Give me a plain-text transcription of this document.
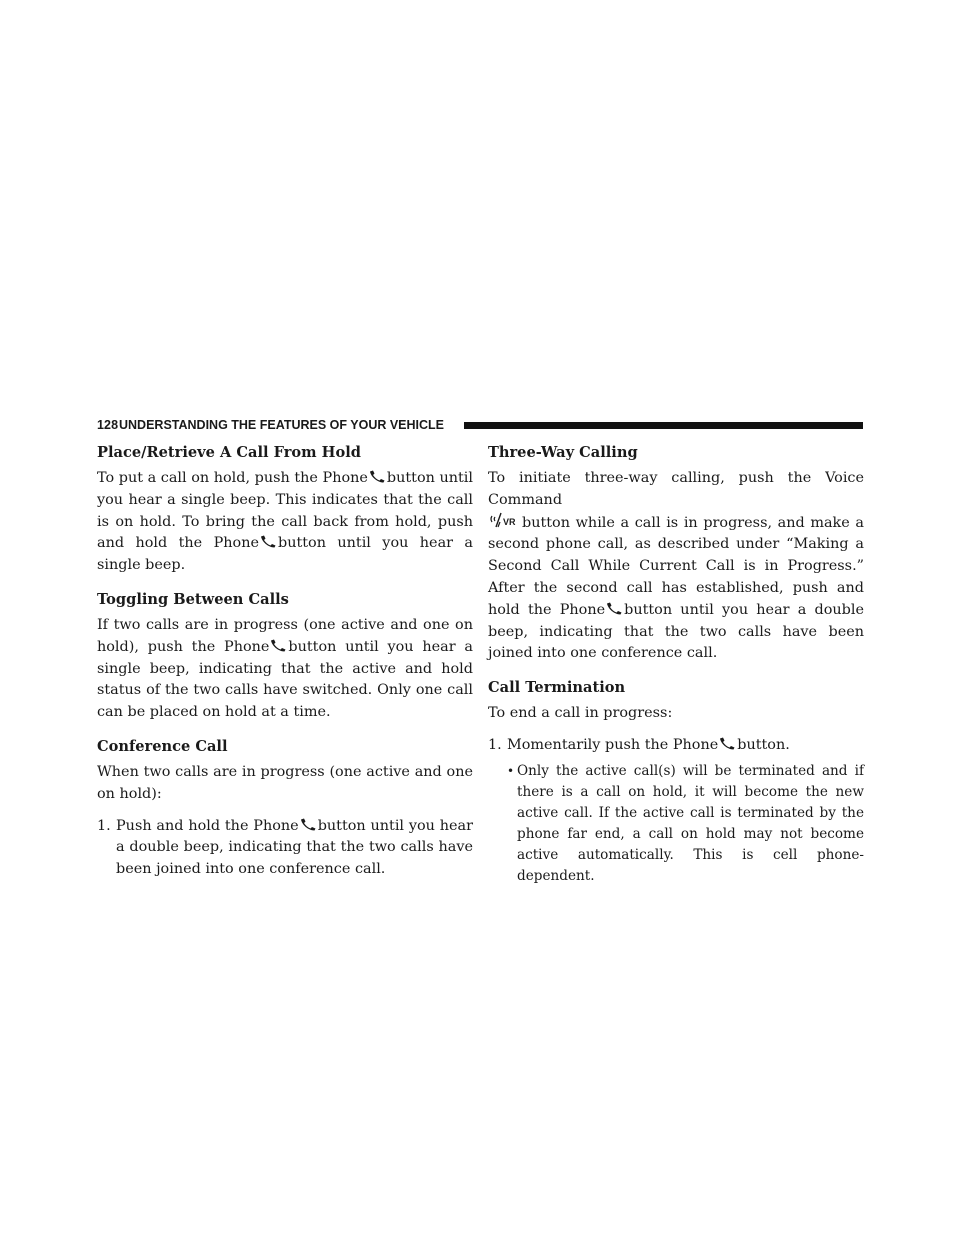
128 UNDERSTANDING THE FEATURES OF YOUR VEHICLE
Place/Retrieve A Call From Hold

To put a call on hold, push the Phone button until you hear a single beep. This indicates that the call is on hold. To bring the call back from hold, push and hold the Phone button until you hear a single beep.

Toggling Between Calls

If two calls are in progress (one active and one on hold), push the Phone button until you hear a single beep, indicating that the active and hold status of the two calls have switched. Only one call can be placed on hold at a time.

Conference Call

When two calls are in progress (one active and one on hold):

1. Push and hold the Phone button until you hear a double beep, indicating that the two calls have been joined into one conference call.

Three-Way Calling

To initiate three-way calling, push the Voice Command

VR button while a call is in progress, and make a second phone call, as described under “Making a Second Call While Current Call is in Progress.” After the second call has established, push and hold the Phone button until you hear a double beep, indicating that the two calls have been joined into one conference call.

Call Termination

To end a call in progress:

1. Momentarily push the Phone button.

• Only the active call(s) will be terminated and if there is a call on hold, it will become the new active call. If the active call is terminated by the phone far end, a call on hold may not become active automatically. This is cell phone-dependent.
